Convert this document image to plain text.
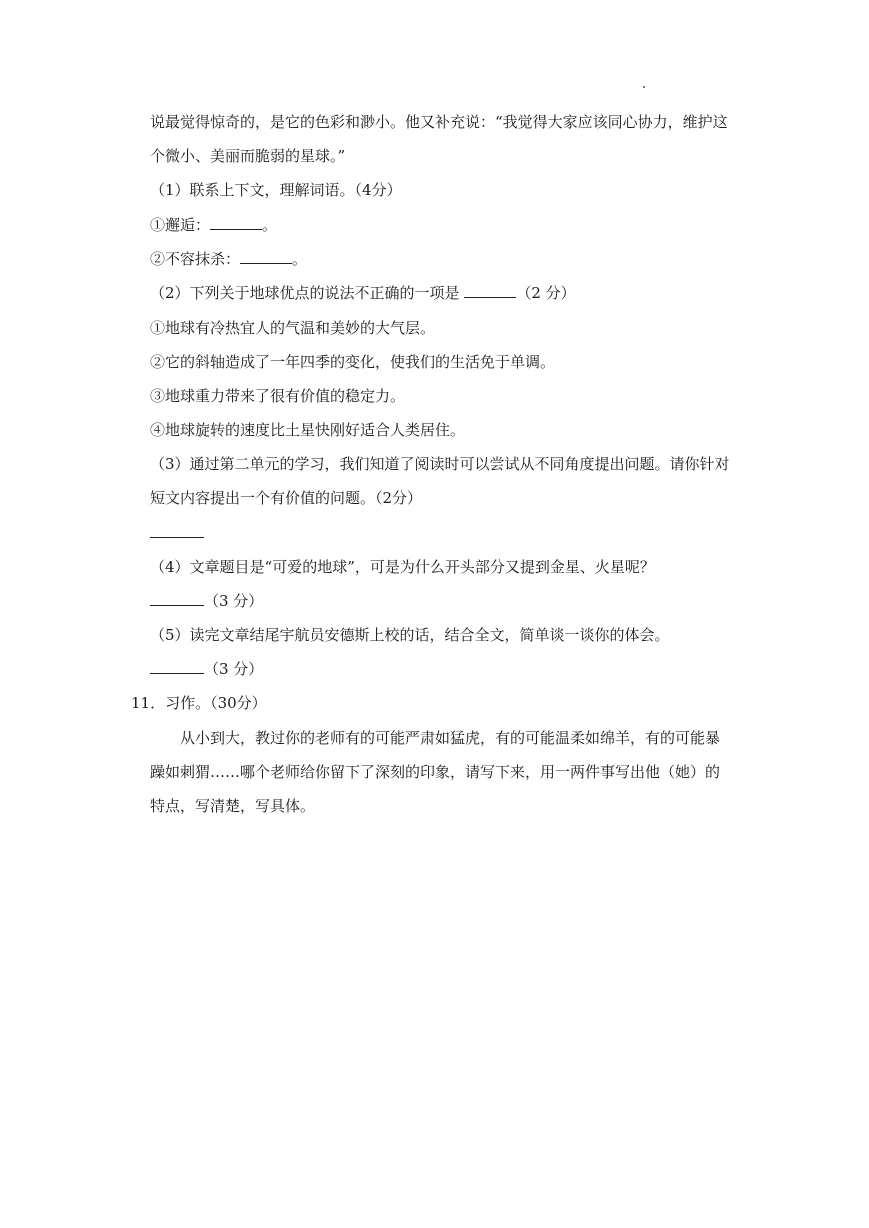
说最觉得惊奇的，是它的色彩和渺小。他又补充说：“我觉得大家应该同心协力，维护这
个微小、美丽而脆弱的星球。”
（1）联系上下文，理解词语。（4分）
①邂逅：	。
②不容抹杀：	。
（2）下列关于地球优点的说法不正确的一项是	（2 分）
①地球有冷热宜人的气温和美妙的大气层。
②它的斜轴造成了一年四季的变化，使我们的生活免于单调。
③地球重力带来了很有价值的稳定力。
④地球旋转的速度比土星快刚好适合人类居住。
（3）通过第二单元的学习，我们知道了阅读时可以尝试从不同角度提出问题。请你针对
短文内容提出一个有价值的问题。（2分）
（4）文章题目是“可爱的地球”，可是为什么开头部分又提到金星、火星呢？
（3 分）
（5）读完文章结尾宇航员安德斯上校的话，结合全文，简单谈一谈你的体会。
（3 分）
11．习作。（30分）
从小到大，教过你的老师有的可能严肃如猛虎，有的可能温柔如绵羊，有的可能暴
躁如刺猬……哪个老师给你留下了深刻的印象，请写下来，用一两件事写出他（她）的
特点，写清楚，写具体。
